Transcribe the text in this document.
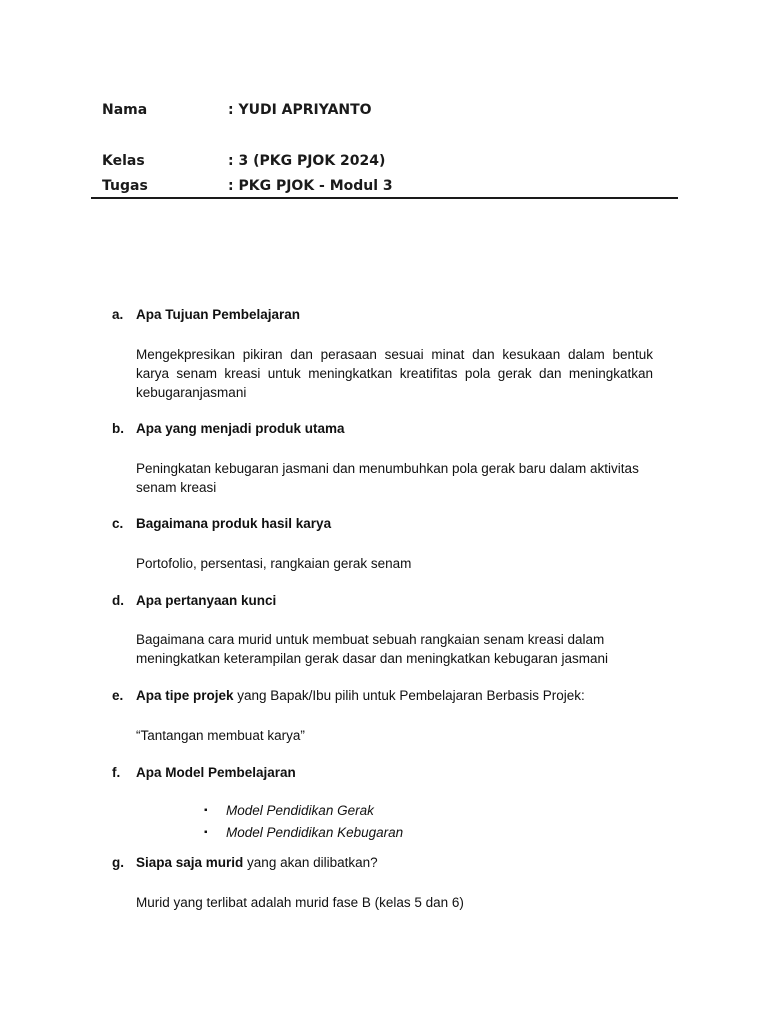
Nama	: YUDI APRIYANTO
Kelas	: 3 (PKG PJOK 2024)
Tugas	: PKG PJOK - Modul 3
a. Apa Tujuan Pembelajaran
Mengekpresikan pikiran dan perasaan sesuai minat dan kesukaan dalam bentuk karya senam kreasi untuk meningkatkan kreatifitas pola gerak dan meningkatkan kebugaranjasmani
b. Apa yang menjadi produk utama
Peningkatan kebugaran jasmani dan menumbuhkan pola gerak baru dalam aktivitas senam kreasi
c. Bagaimana produk hasil karya
Portofolio, persentasi, rangkaian gerak senam
d. Apa pertanyaan kunci
Bagaimana cara murid untuk membuat sebuah rangkaian senam kreasi dalam meningkatkan keterampilan gerak dasar dan meningkatkan kebugaran jasmani
e. Apa tipe projek yang Bapak/Ibu pilih untuk Pembelajaran Berbasis Projek:
“Tantangan membuat karya”
f. Apa Model Pembelajaran
▪ Model Pendidikan Gerak
▪ Model Pendidikan Kebugaran
g. Siapa saja murid yang akan dilibatkan?
Murid yang terlibat adalah murid fase B (kelas 5 dan 6)
